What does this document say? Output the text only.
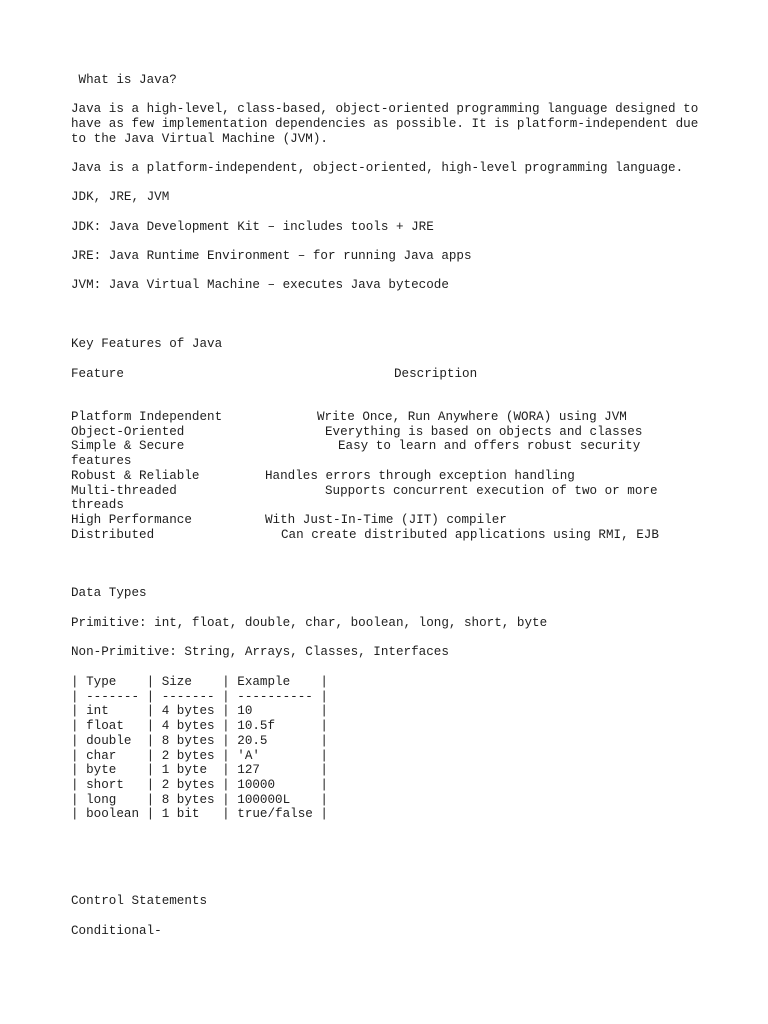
What is Java?

Java is a high-level, class-based, object-oriented programming language designed to

have as few implementation dependencies as possible. It is platform-independent due

to the Java Virtual Machine (JVM).

Java is a platform-independent, object-oriented, high-level programming language.

JDK, JRE, JVM

JDK: Java Development Kit – includes tools + JRE

JRE: Java Runtime Environment – for running Java apps

JVM: Java Virtual Machine – executes Java bytecode

Key Features of Java

Feature	Description

Platform Independent

Object-Oriented

Simple & Secure

features

Robust & Reliable

Multi-threaded

threads

High Performance

Distributed

Write Once, Run Anywhere (WORA) using JVM

Everything is based on objects and classes

Easy to learn and offers robust security

Handles errors through exception handling

Supports concurrent execution of two or more

With Just-In-Time (JIT) compiler

Can create distributed applications using RMI, EJB

Data Types

Primitive: int, float, double, char, boolean, long, short, byte

Non-Primitive: String, Arrays, Classes, Interfaces

| Type    | Size    | Example    |

| ------- | ------- | ---------- |

| int     | 4 bytes | 10         |

| float   | 4 bytes | 10.5f      |

| double  | 8 bytes | 20.5       |

| char    | 2 bytes | 'A'        |

| byte    | 1 byte  | 127        |

| short   | 2 bytes | 10000      |

| long    | 8 bytes | 100000L    |

| boolean | 1 bit   | true/false |

Control Statements

Conditional-
